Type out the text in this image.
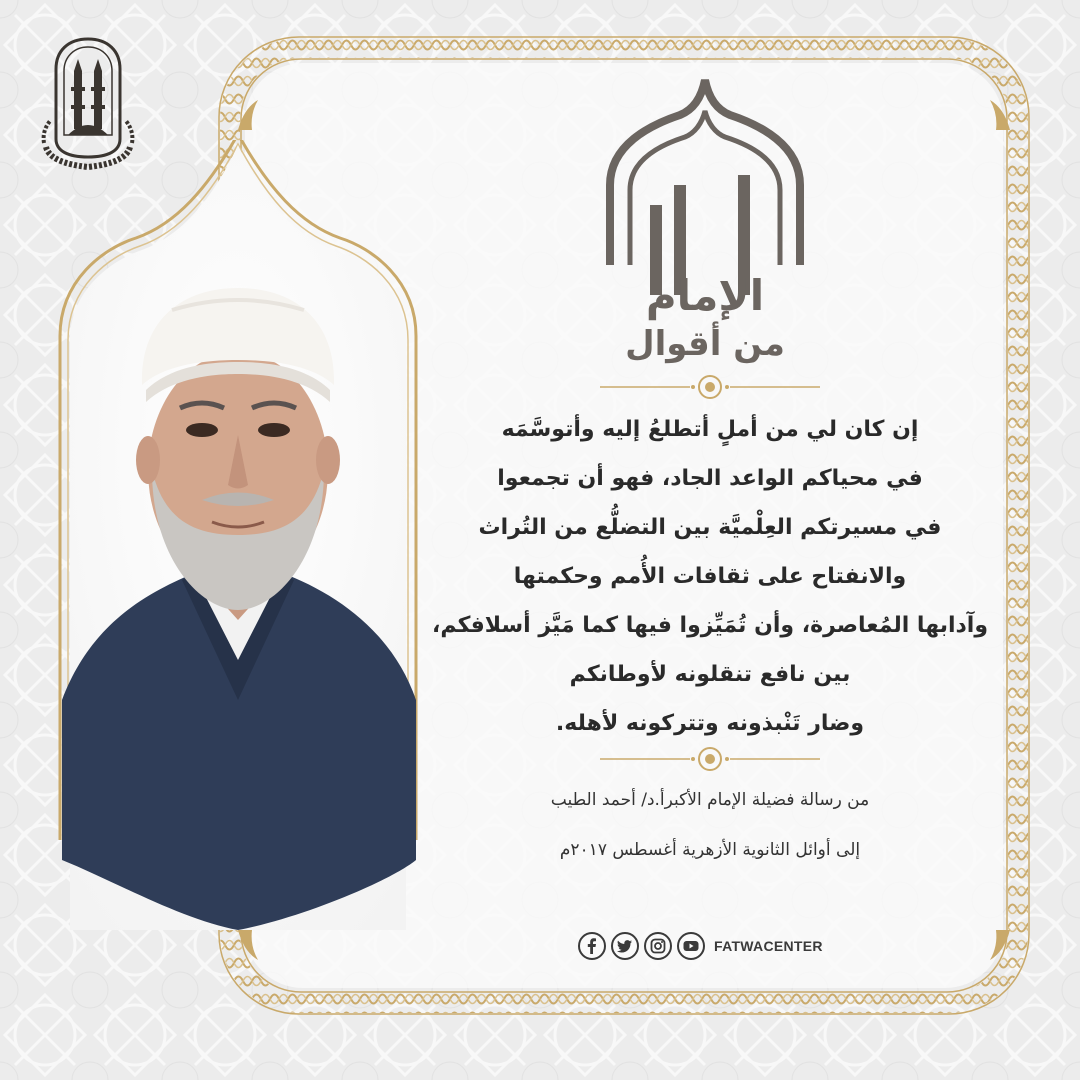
الإمام
من أقوال
إن كان لي من أملٍ أتطلعُ إليه وأتوسَّمَه
في محياكم الواعد الجاد، فهو أن تجمعوا
في مسيرتكم العِلْميَّة بين التضلُّع من التُراث
والانفتاح على ثقافات الأُمم وحكمتها
وآدابها المُعاصرة، وأن تُمَيِّزوا فيها كما مَيَّز أسلافكم،
بين نافع تنقلونه لأوطانكم
وضار تَنْبذونه وتتركونه لأهله.
من رسالة فضيلة الإمام الأكبرأ.د/ أحمد الطيب
إلى أوائل الثانوية الأزهرية أغسطس ٢٠١٧م
FATWACENTER
